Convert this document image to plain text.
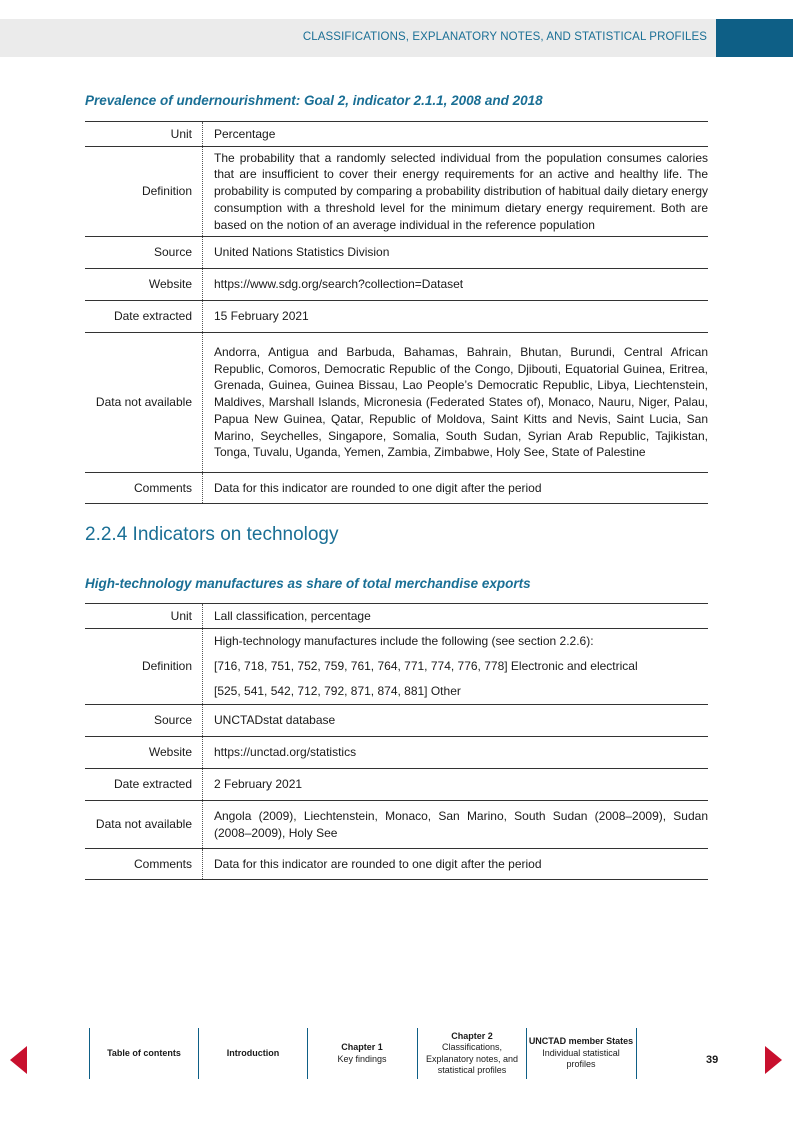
CLASSIFICATIONS, EXPLANATORY NOTES, AND STATISTICAL PROFILES
Prevalence of undernourishment: Goal 2, indicator 2.1.1, 2008 and 2018
Unit	Percentage
Definition	The probability that a randomly selected individual from the population consumes calories that are insufficient to cover their energy requirements for an active and healthy life. The probability is computed by comparing a probability distribution of habitual daily dietary energy consumption with a threshold level for the minimum dietary energy requirement. Both are based on the notion of an average individual in the reference population
Source	United Nations Statistics Division
Website	https://www.sdg.org/search?collection=Dataset
Date extracted	15 February 2021
Data not available	Andorra, Antigua and Barbuda, Bahamas, Bahrain, Bhutan, Burundi, Central African Republic, Comoros, Democratic Republic of the Congo, Djibouti, Equatorial Guinea, Eritrea, Grenada, Guinea, Guinea Bissau, Lao People’s Democratic Republic, Libya, Liechtenstein, Maldives, Marshall Islands, Micronesia (Federated States of), Monaco, Nauru, Niger, Palau, Papua New Guinea, Qatar, Republic of Moldova, Saint Kitts and Nevis, Saint Lucia, San Marino, Seychelles, Singapore, Somalia, South Sudan, Syrian Arab Republic, Tajikistan, Tonga, Tuvalu, Uganda, Yemen, Zambia, Zimbabwe, Holy See, State of Palestine
Comments	Data for this indicator are rounded to one digit after the period
2.2.4 Indicators on technology
High-technology manufactures as share of total merchandise exports
Unit	Lall classification, percentage
Definition	High-technology manufactures include the following (see section 2.2.6):
[716, 718, 751, 752, 759, 761, 764, 771, 774, 776, 778] Electronic and electrical
[525, 541, 542, 712, 792, 871, 874, 881] Other

Source	UNCTADstat database
Website	https://unctad.org/statistics
Date extracted	2 February 2021
Data not available	Angola (2009), Liechtenstein, Monaco, San Marino, South Sudan (2008–2009), Sudan (2008–2009), Holy See
Comments	Data for this indicator are rounded to one digit after the period
Table of contents	Introduction
Chapter 1
Key findings
Chapter 2
Classifications, Explanatory notes, and statistical profiles
UNCTAD member States
Individual statistical profiles	39
